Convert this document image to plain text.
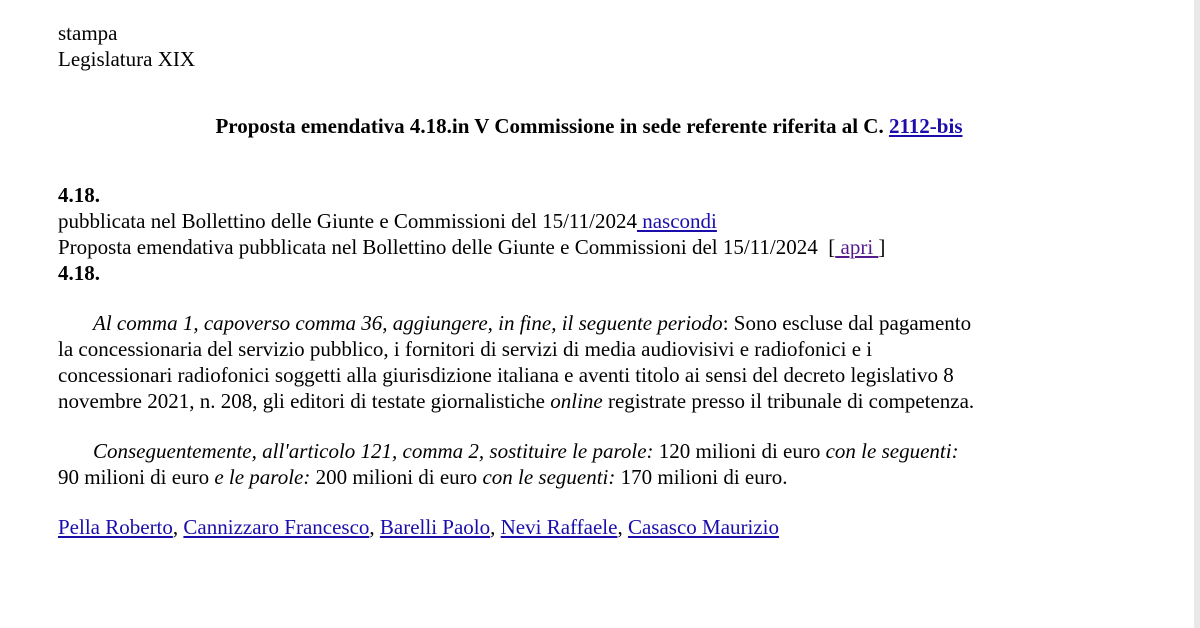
stampa
Legislatura XIX
Proposta emendativa 4.18.in V Commissione in sede referente riferita al C. 2112-bis
4.18.
pubblicata nel Bollettino delle Giunte e Commissioni del 15/11/2024 nascondi
Proposta emendativa pubblicata nel Bollettino delle Giunte e Commissioni del 15/11/2024 [ apri ]
4.18.
Al comma 1, capoverso comma 36, aggiungere, in fine, il seguente periodo: Sono escluse dal pagamento
la concessionaria del servizio pubblico, i fornitori di servizi di media audiovisivi e radiofonici e i
concessionari radiofonici soggetti alla giurisdizione italiana e aventi titolo ai sensi del decreto legislativo 8
novembre 2021, n. 208, gli editori di testate giornalistiche online registrate presso il tribunale di competenza.
Conseguentemente, all'articolo 121, comma 2, sostituire le parole: 120 milioni di euro con le seguenti:
90 milioni di euro e le parole: 200 milioni di euro con le seguenti: 170 milioni di euro.
Pella Roberto, Cannizzaro Francesco, Barelli Paolo, Nevi Raffaele, Casasco Maurizio
